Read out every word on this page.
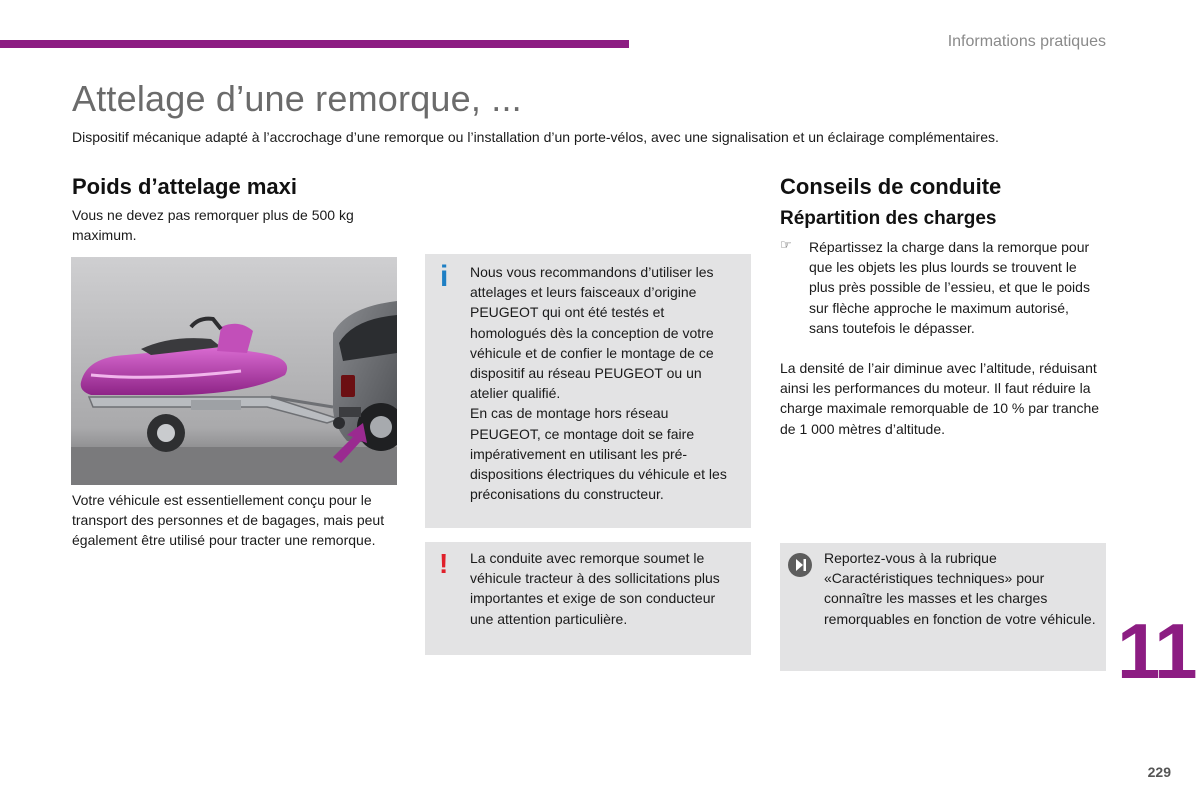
Informations pratiques
Attelage d’une remorque, ...
Dispositif mécanique adapté à l’accrochage d’une remorque ou l’installation d’un porte-vélos, avec une signalisation et un éclairage complémentaires.
Poids d’attelage maxi

Vous ne devez pas remorquer plus de 500 kg maximum.

Votre véhicule est essentiellement conçu pour le transport des personnes et de bagages, mais peut également être utilisé pour tracter une remorque.

i Nous vous recommandons d’utiliser les attelages et leurs faisceaux d’origine PEUGEOT qui ont été testés et homologués dès la conception de votre véhicule et de confier le montage de ce dispositif au réseau PEUGEOT ou un atelier qualifié.

En cas de montage hors réseau PEUGEOT, ce montage doit se faire impérativement en utilisant les pré-dispositions électriques du véhicule et les préconisations du constructeur.

! La conduite avec remorque soumet le véhicule tracteur à des sollicitations plus importantes et exige de son conducteur une attention particulière.

Conseils de conduite
Répartition des charges
☞ Répartissez la charge dans la remorque pour que les objets les plus lourds se trouvent le plus près possible de l’essieu, et que le poids sur flèche approche le maximum autorisé, sans toutefois le dépasser.

La densité de l’air diminue avec l’altitude, réduisant ainsi les performances du moteur. Il faut réduire la charge maximale remorquable de 10 % par tranche de 1 000 mètres d’altitude.

Reportez-vous à la rubrique «Caractéristiques techniques» pour connaître les masses et les charges remorquables en fonction de votre véhicule. 11
229
